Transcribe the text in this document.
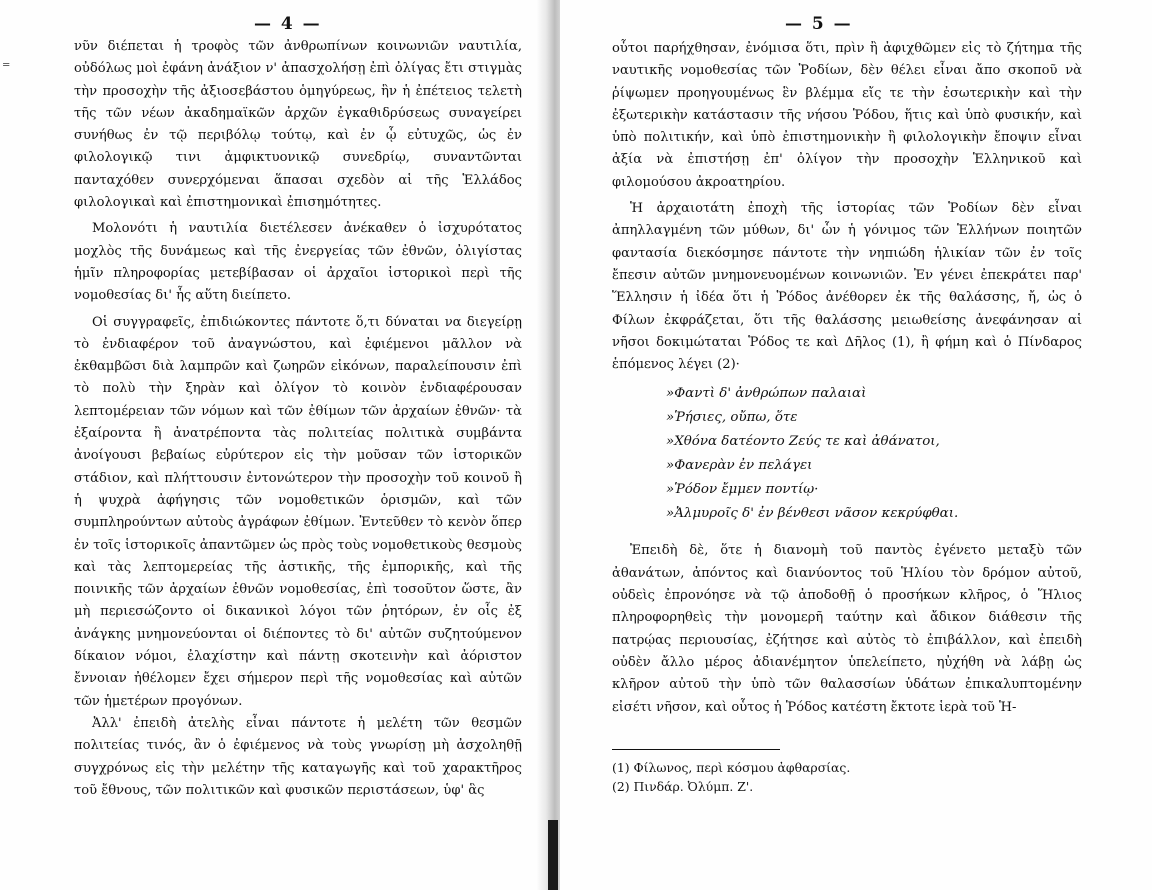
=
— 4 —

νῦν διέπεται ἡ τροφὸς τῶν ἀνθρωπίνων κοινωνιῶν ναυτιλία, οὐδόλως μοὶ ἐφάνη ἀνάξιον ν' ἀπασχολήσῃ ἐπὶ ὀλίγας ἔτι στιγμὰς τὴν προσοχὴν τῆς ἀξιοσεβάστου ὁμηγύρεως, ἣν ἡ ἐπέτειος τελετὴ τῆς τῶν νέων ἀκαδημαϊκῶν ἀρχῶν ἐγκαθιδρύσεως συναγείρει συνήθως ἐν τῷ περιβόλῳ τούτῳ, καὶ ἐν ᾧ εὐτυχῶς, ὡς ἐν φιλολογικῷ τινι ἀμφικτυονικῷ συνεδρίῳ, συναντῶνται πανταχόθεν συνερχόμεναι ἅπασαι σχεδὸν αἱ τῆς Ἑλλάδος φιλολογικαὶ καὶ ἐπιστημονικαὶ ἐπισημότητες.

Μολονότι ἡ ναυτιλία διετέλεσεν ἀνέκαθεν ὁ ἰσχυρότατος μοχλὸς τῆς δυνάμεως καὶ τῆς ἐνεργείας τῶν ἐθνῶν, ὀλιγίστας ἡμῖν πληροφορίας μετεβίβασαν οἱ ἀρχαῖοι ἱστορικοὶ περὶ τῆς νομοθεσίας δι' ἧς αὕτη διείπετο.

Οἱ συγγραφεῖς, ἐπιδιώκοντες πάντοτε ὅ,τι δύναται να διεγείρῃ τὸ ἐνδιαφέρον τοῦ ἀναγνώστου, καὶ ἐφιέμενοι μᾶλλον νὰ ἐκθαμβῶσι διὰ λαμπρῶν καὶ ζωηρῶν εἰκόνων, παραλείπουσιν ἐπὶ τὸ πολὺ τὴν ξηρὰν καὶ ὀλίγον τὸ κοινὸν ἐνδιαφέρουσαν λεπτομέρειαν τῶν νόμων καὶ τῶν ἐθίμων τῶν ἀρχαίων ἐθνῶν· τὰ ἐξαίροντα ἢ ἀνατρέποντα τὰς πολιτείας πολιτικὰ συμβάντα ἀνοίγουσι βεβαίως εὐρύτερον εἰς τὴν μοῦσαν τῶν ἱστορικῶν στάδιον, καὶ πλήττουσιν ἐντονώτερον τὴν προσοχὴν τοῦ κοινοῦ ἢ ἡ ψυχρὰ ἀφήγησις τῶν νομοθετικῶν ὁρισμῶν, καὶ τῶν συμπληρούντων αὐτοὺς ἀγράφων ἐθίμων. Ἐντεῦθεν τὸ κενὸν ὅπερ ἐν τοῖς ἱστορικοῖς ἀπαντῶμεν ὡς πρὸς τοὺς νομοθετικοὺς θεσμοὺς καὶ τὰς λεπτομερείας τῆς ἀστικῆς, τῆς ἐμπορικῆς, καὶ τῆς ποινικῆς τῶν ἀρχαίων ἐθνῶν νομοθεσίας, ἐπὶ τοσοῦτον ὥστε, ἂν μὴ περιεσώζοντο οἱ δικανικοὶ λόγοι τῶν ῥητόρων, ἐν οἷς ἐξ ἀνάγκης μνημονεύονται οἱ διέποντες τὸ δι' αὐτῶν συζητούμενον δίκαιον νόμοι, ἐλαχίστην καὶ πάντῃ σκοτεινὴν καὶ ἀόριστον ἔννοιαν ἠθέλομεν ἔχει σήμερον περὶ τῆς νομοθεσίας καὶ αὐτῶν τῶν ἡμετέρων προγόνων.

Ἀλλ' ἐπειδὴ ἀτελὴς εἶναι πάντοτε ἡ μελέτη τῶν θεσμῶν πολιτείας τινός, ἂν ὁ ἐφιέμενος νὰ τοὺς γνωρίσῃ μὴ ἀσχοληθῇ συγχρόνως εἰς τὴν μελέτην τῆς καταγωγῆς καὶ τοῦ χαρακτῆρος τοῦ ἔθνους, τῶν πολιτικῶν καὶ φυσικῶν περιστάσεων, ὑφ' ἃς

— 5 —

οὗτοι παρήχθησαν, ἐνόμισα ὅτι, πρὶν ἢ ἀφιχθῶμεν εἰς τὸ ζήτημα τῆς ναυτικῆς νομοθεσίας τῶν Ῥοδίων, δὲν θέλει εἶναι ἄπο σκοποῦ νὰ ῥίψωμεν προηγουμένως ἓν βλέμμα εἴς τε τὴν ἐσωτερικὴν καὶ τὴν ἐξωτερικὴν κατάστασιν τῆς νήσου Ῥόδου, ἥτις καὶ ὑπὸ φυσικήν, καὶ ὑπὸ πολιτικήν, καὶ ὑπὸ ἐπιστημονικὴν ἢ φιλολογικὴν ἔποψιν εἶναι ἀξία νὰ ἐπιστήσῃ ἐπ' ὀλίγον τὴν προσοχὴν Ἑλληνικοῦ καὶ φιλομούσου ἀκροατηρίου.

Ἡ ἀρχαιοτάτη ἐποχὴ τῆς ἱστορίας τῶν Ῥοδίων δὲν εἶναι ἀπηλλαγμένη τῶν μύθων, δι' ὧν ἡ γόνιμος τῶν Ἑλλήνων ποιητῶν φαντασία διεκόσμησε πάντοτε τὴν νηπιώδη ἡλικίαν τῶν ἐν τοῖς ἔπεσιν αὐτῶν μνημονευομένων κοινωνιῶν. Ἐν γένει ἐπεκράτει παρ' Ἕλλησιν ἡ ἰδέα ὅτι ἡ Ῥόδος ἀνέθορεν ἐκ τῆς θαλάσσης, ἤ, ὡς ὁ Φίλων ἐκφράζεται, ὅτι τῆς θαλάσσης μειωθείσης ἀνεφάνησαν αἱ νῆσοι δοκιμώταται Ῥόδος τε καὶ Δῆλος (1), ἢ φήμη καὶ ὁ Πίνδαρος ἑπόμενος λέγει (2)·

»Φαντὶ δ' ἀνθρώπων παλαιαὶ
»Ῥήσιες, οὔπω, ὅτε
»Χθόνα δατέοντο Ζεύς τε καὶ ἀθάνατοι,
»Φανερὰν ἐν πελάγει
»Ῥόδον ἔμμεν ποντίῳ·
»Ἀλμυροῖς δ' ἐν βένθεσι νᾶσον κεκρύφθαι.

Ἐπειδὴ δὲ, ὅτε ἡ διανομὴ τοῦ παντὸς ἐγένετο μεταξὺ τῶν ἀθανάτων, ἀπόντος καὶ διανύοντος τοῦ Ἡλίου τὸν δρόμον αὐτοῦ, οὐδεὶς ἐπρονόησε νὰ τῷ ἀποδοθῇ ὁ προσήκων κλῆρος, ὁ Ἥλιος πληροφορηθεὶς τὴν μονομερῆ ταύτην καὶ ἄδικον διάθεσιν τῆς πατρῴας περιουσίας, ἐζήτησε καὶ αὐτὸς τὸ ἐπιβάλλον, καὶ ἐπειδὴ οὐδὲν ἄλλο μέρος ἀδιανέμητον ὑπελείπετο, ηὐχήθη νὰ λάβῃ ὡς κλῆρον αὐτοῦ τὴν ὑπὸ τῶν θαλασσίων ὑδάτων ἐπικαλυπτομένην εἰσέτι νῆσον, καὶ οὗτος ἡ Ῥόδος κατέστη ἔκτοτε ἱερὰ τοῦ Ἡ-

(1) Φίλωνος, περὶ κόσμου ἀφθαρσίας.

(2) Πινδάρ. Ὀλύμπ. Ζ'.
